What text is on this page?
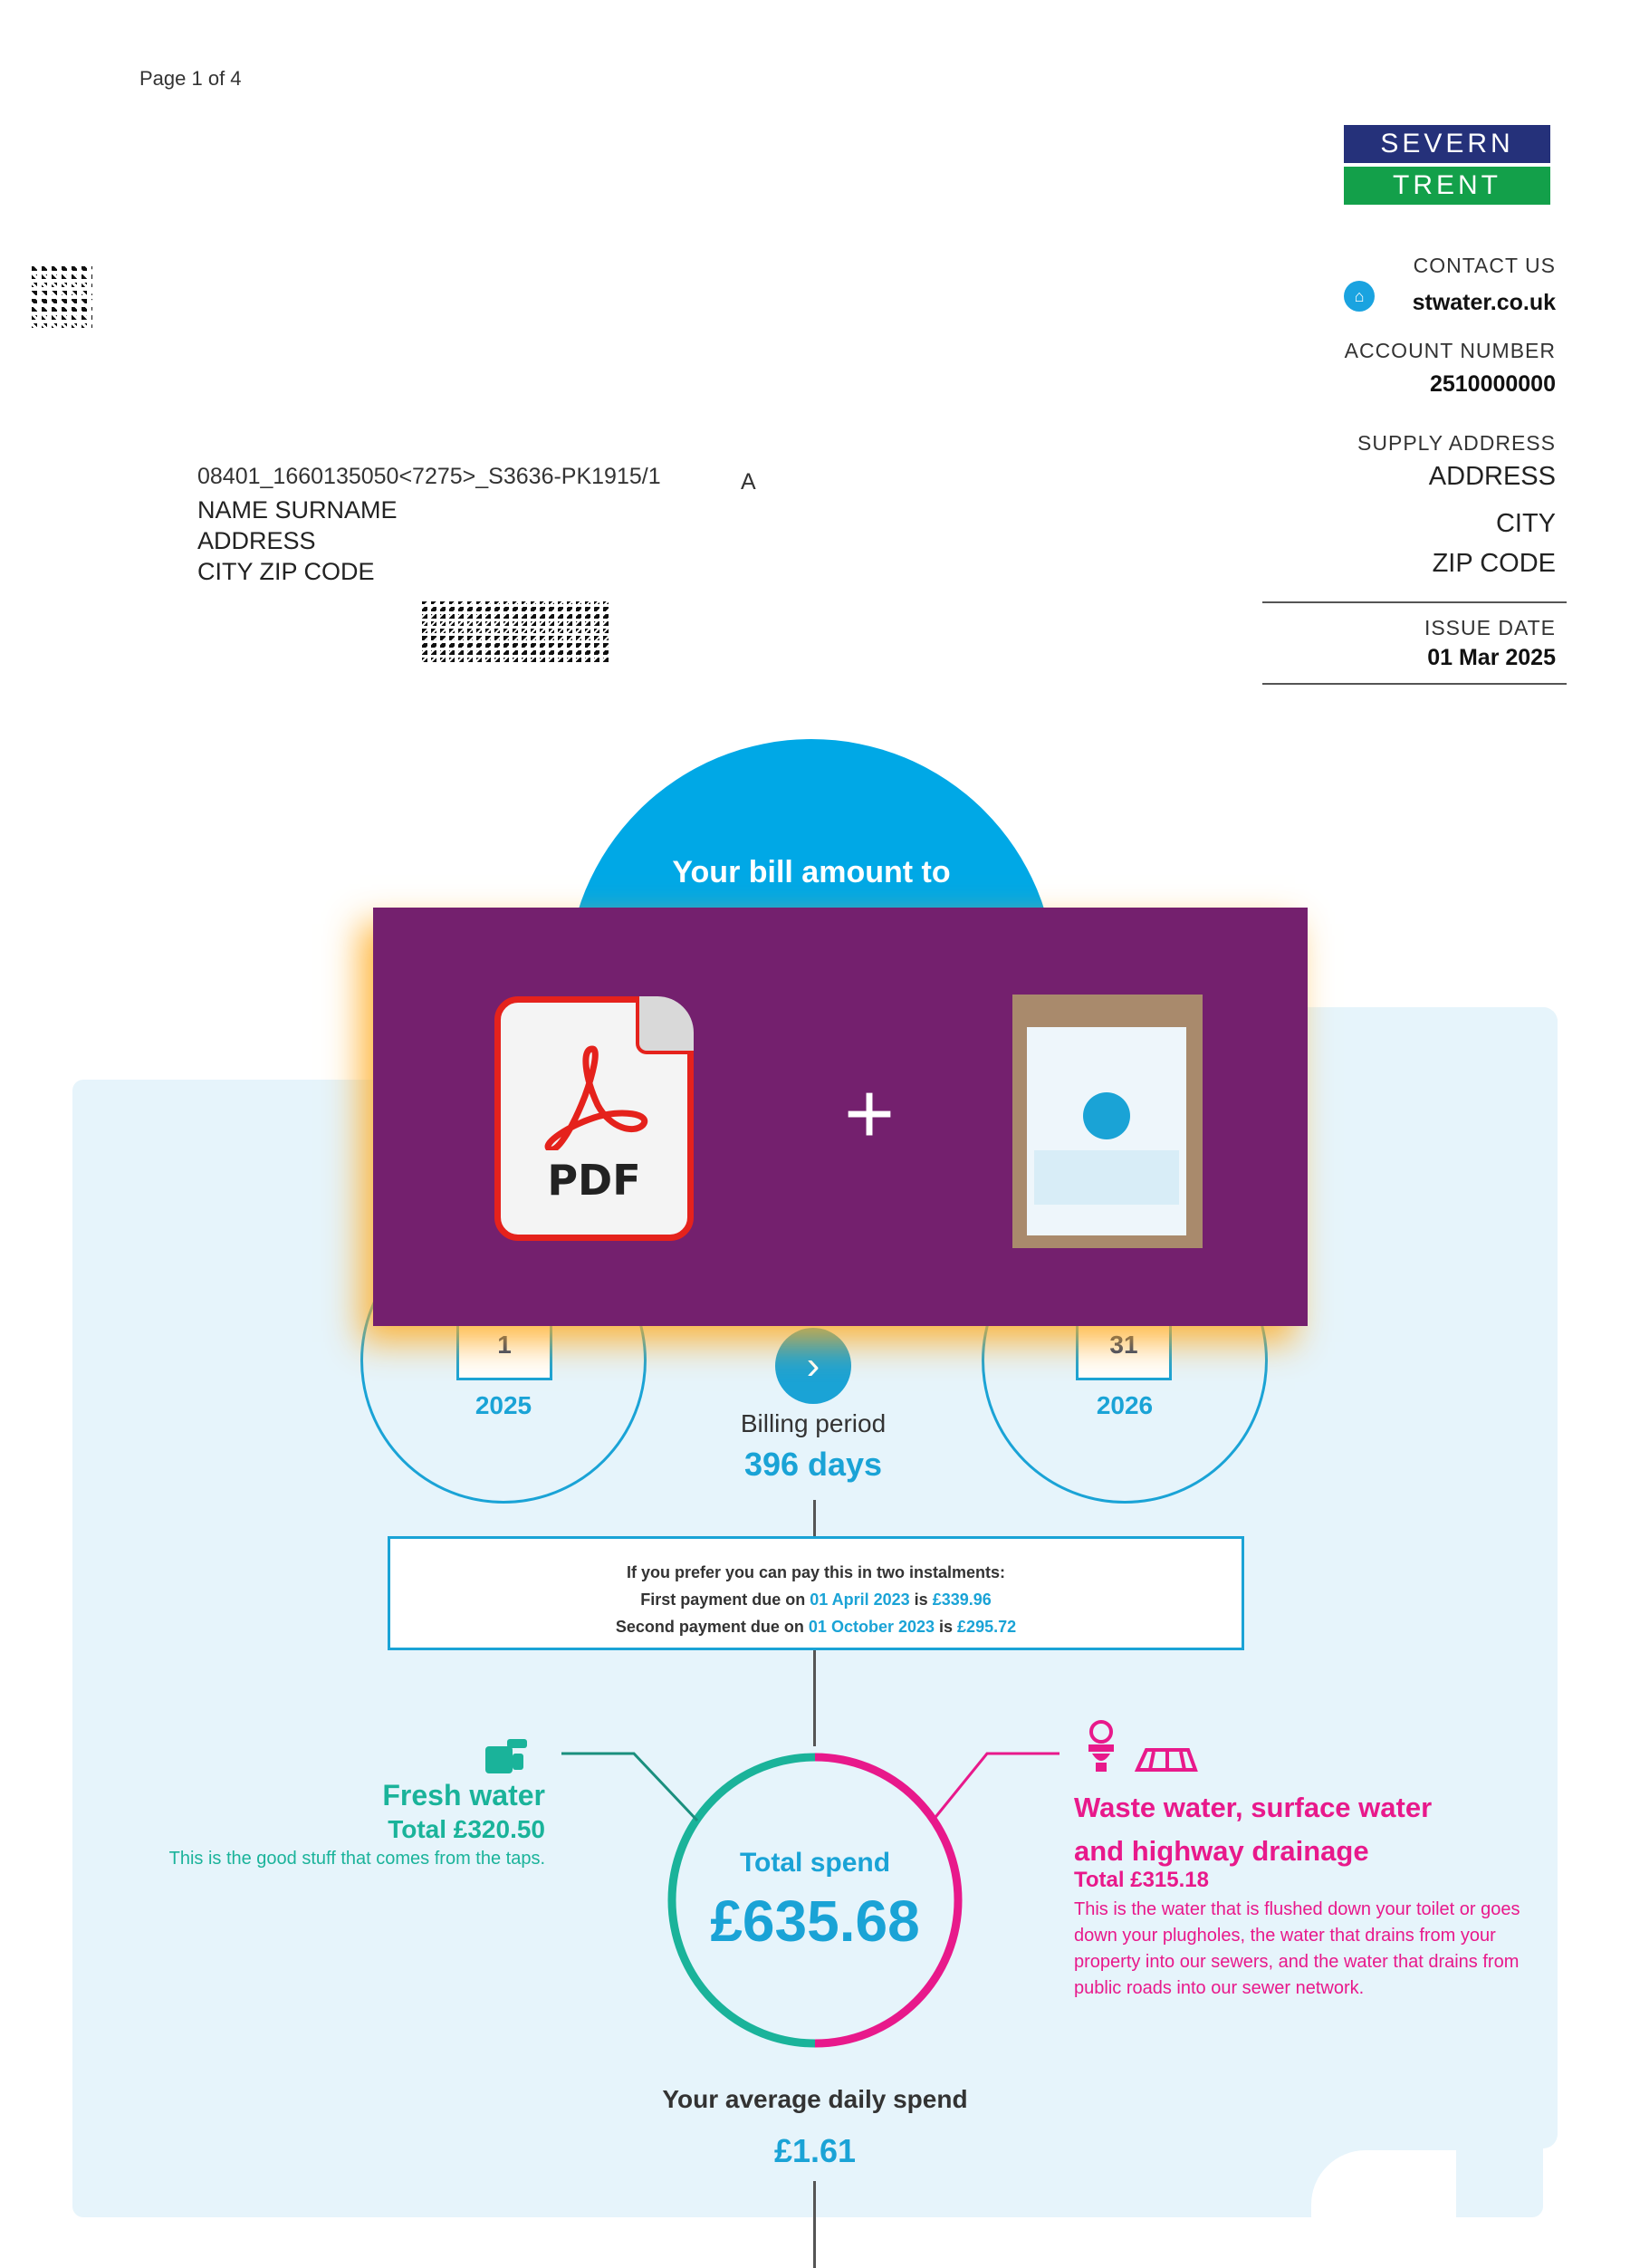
Page 1 of 4
SEVERN
TRENT
CONTACT US
⌂	stwater.co.uk
ACCOUNT NUMBER
2510000000
SUPPLY ADDRESS
ADDRESS
CITY
ZIP CODE
ISSUE DATE
01 Mar 2025
08401_1660135050<7275>_S3636-PK1915/1	A
NAME SURNAME
ADDRESS
CITY ZIP CODE
Your bill amount to
1
2025
31
2026
›
Billing period
396 days
If you prefer you can pay this in two instalments:
First payment due on 01 April 2023 is £339.96
Second payment due on 01 October 2023 is £295.72
Total spend
£635.68
Fresh water
Total £320.50
This is the good stuff that comes from the taps.
Waste water, surface water
and highway drainage
Total £315.18
This is the water that is flushed down your toilet or goes down your plugholes, the water that drains from your property into our sewers, and the water that drains from public roads into our sewer network.
Your average daily spend
£1.61
PDF
+
